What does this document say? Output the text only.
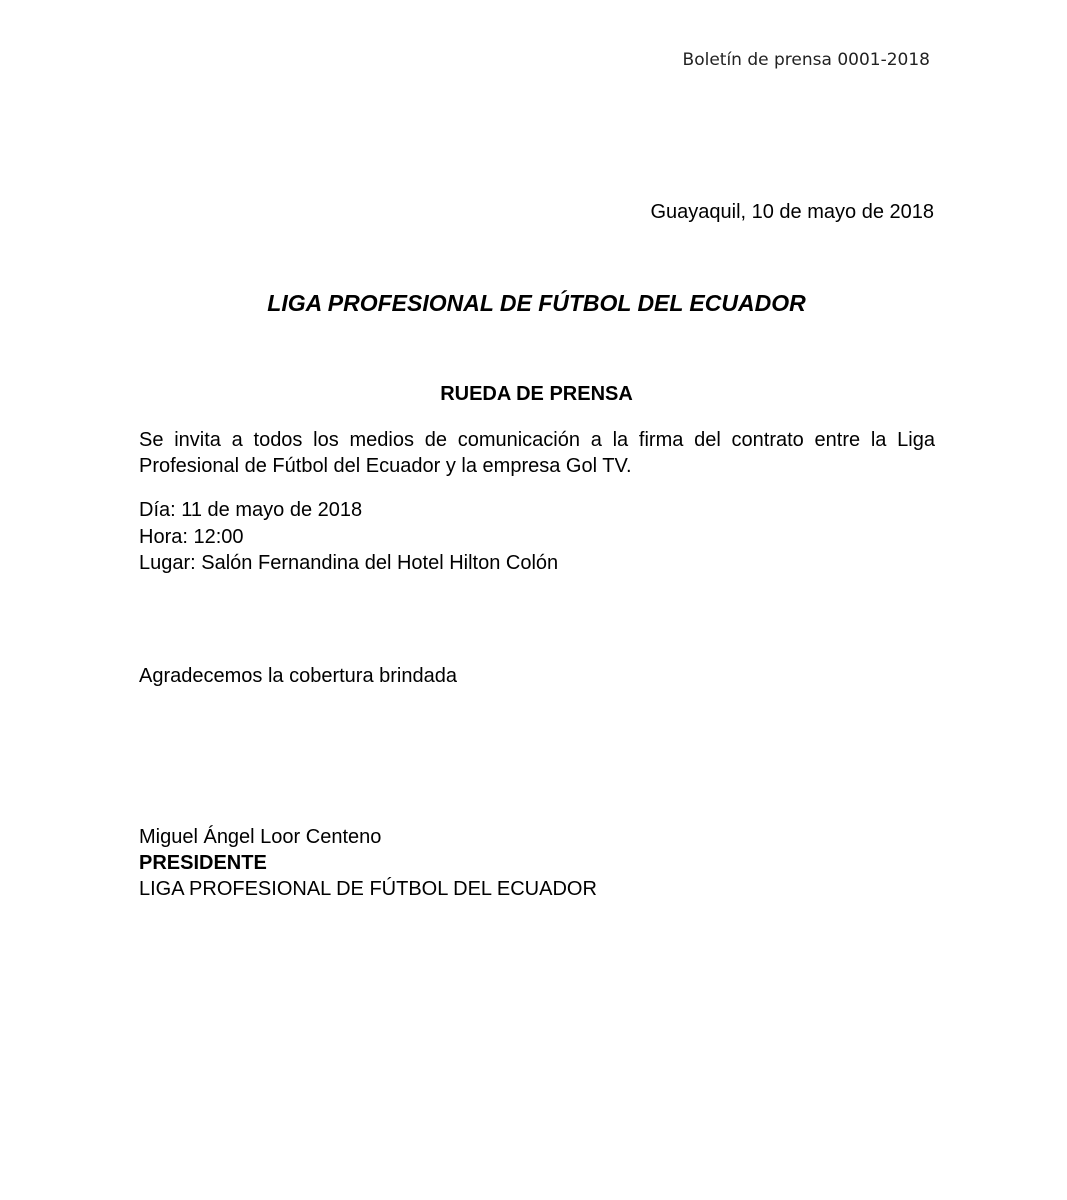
Boletín de prensa 0001-2018
Guayaquil, 10 de mayo de 2018
LIGA PROFESIONAL DE FÚTBOL DEL ECUADOR
RUEDA DE PRENSA
Se invita a todos los medios de comunicación a la firma del contrato entre la Liga Profesional de Fútbol del Ecuador y la empresa Gol TV.
Día: 11 de mayo de 2018
Hora: 12:00
Lugar: Salón Fernandina del Hotel Hilton Colón
Agradecemos la cobertura brindada
Miguel Ángel Loor Centeno
PRESIDENTE
LIGA PROFESIONAL DE FÚTBOL DEL ECUADOR
